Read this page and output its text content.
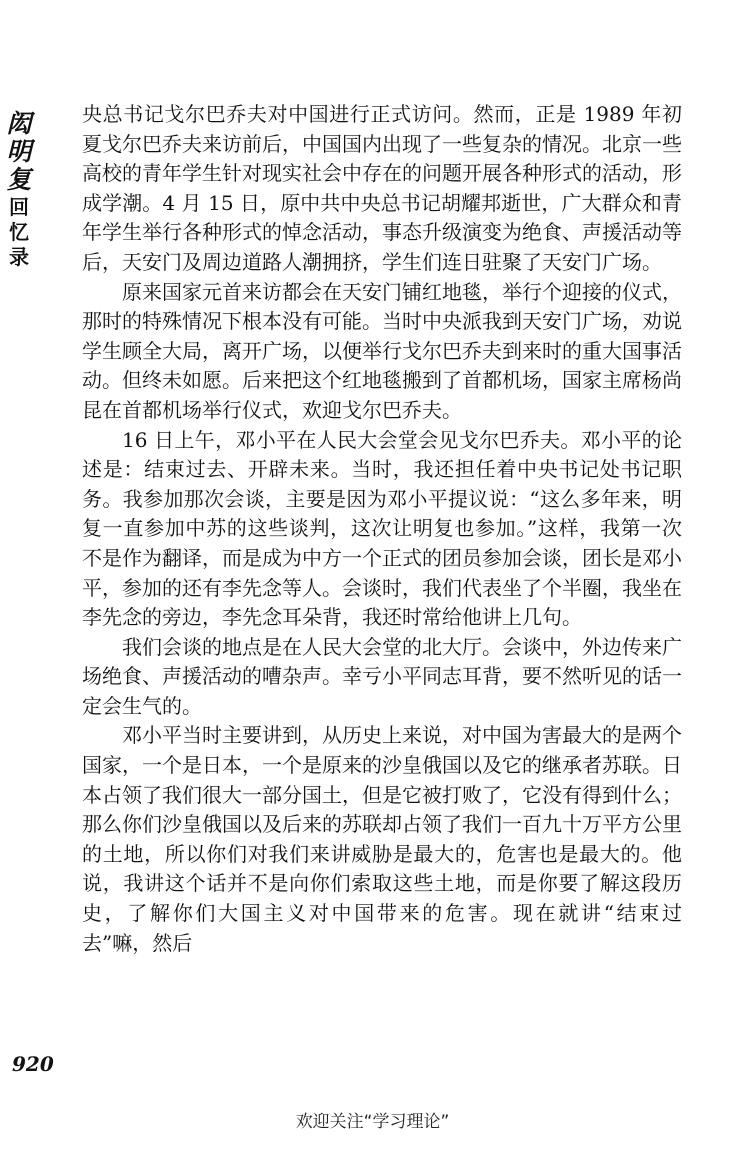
闳
明
复
回
忆
录

央总书记戈尔巴乔夫对中国进行正式访问。然而，正是 1989 年初夏戈尔巴乔夫来访前后，中国国内出现了一些复杂的情况。北京一些高校的青年学生针对现实社会中存在的问题开展各种形式的活动，形成学潮。4 月 15 日，原中共中央总书记胡耀邦逝世，广大群众和青年学生举行各种形式的悼念活动，事态升级演变为绝食、声援活动等后，天安门及周边道路人潮拥挤，学生们连日驻聚了天安门广场。

原来国家元首来访都会在天安门铺红地毯，举行个迎接的仪式，那时的特殊情况下根本没有可能。当时中央派我到天安门广场，劝说学生顾全大局，离开广场，以便举行戈尔巴乔夫到来时的重大国事活动。但终未如愿。后来把这个红地毯搬到了首都机场，国家主席杨尚昆在首都机场举行仪式，欢迎戈尔巴乔夫。

16 日上午，邓小平在人民大会堂会见戈尔巴乔夫。邓小平的论述是：结束过去、开辟未来。当时，我还担任着中央书记处书记职务。我参加那次会谈，主要是因为邓小平提议说：“这么多年来，明复一直参加中苏的这些谈判，这次让明复也参加。”这样，我第一次不是作为翻译，而是成为中方一个正式的团员参加会谈，团长是邓小平，参加的还有李先念等人。会谈时，我们代表坐了个半圈，我坐在李先念的旁边，李先念耳朵背，我还时常给他讲上几句。

我们会谈的地点是在人民大会堂的北大厅。会谈中，外边传来广场绝食、声援活动的嘈杂声。幸亏小平同志耳背，要不然听见的话一定会生气的。

邓小平当时主要讲到，从历史上来说，对中国为害最大的是两个国家，一个是日本，一个是原来的沙皇俄国以及它的继承者苏联。日本占领了我们很大一部分国土，但是它被打败了，它没有得到什么；那么你们沙皇俄国以及后来的苏联却占领了我们一百九十万平方公里的土地，所以你们对我们来讲威胁是最大的，危害也是最大的。他说，我讲这个话并不是向你们索取这些土地，而是你要了解这段历史，了解你们大国主义对中国带来的危害。现在就讲“结束过去”嘛，然后

920
欢迎关注“学习理论”
